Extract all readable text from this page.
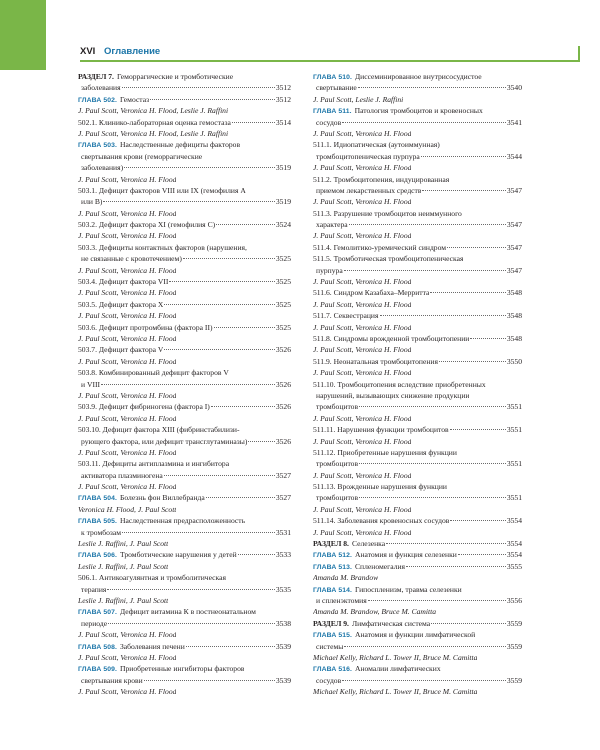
XVI Оглавление
РАЗДЕЛ 7. Геморрагические и тромботические
заболевания	3512
ГЛАВА 502. Гемостаз	3512
J. Paul Scott, Veronica H. Flood, Leslie J. Raffini
502.1. Клинико-лабораторная оценка гемостаза	3514
J. Paul Scott, Veronica H. Flood, Leslie J. Raffini
ГЛАВА 503. Наследственные дефициты факторов
свертывания крови (геморрагические
заболевания)	3519
J. Paul Scott, Veronica H. Flood
503.1. Дефицит факторов VIII или IX (гемофилия А
или В)	3519
J. Paul Scott, Veronica H. Flood
503.2. Дефицит фактора XI (гемофилия С)	3524
J. Paul Scott, Veronica H. Flood
503.3. Дефициты контактных факторов (нарушения,
не связанные с кровотечением)	3525
J. Paul Scott, Veronica H. Flood
503.4. Дефицит фактора VII	3525
J. Paul Scott, Veronica H. Flood
503.5. Дефицит фактора X	3525
J. Paul Scott, Veronica H. Flood
503.6. Дефицит протромбина (фактора II)	3525
J. Paul Scott, Veronica H. Flood
503.7. Дефицит фактора V	3526
J. Paul Scott, Veronica H. Flood
503.8. Комбинированный дефицит факторов V
и VIII	3526
J. Paul Scott, Veronica H. Flood
503.9. Дефицит фибриногена (фактора I)	3526
J. Paul Scott, Veronica H. Flood
503.10. Дефицит фактора XIII (фибринстабилизи-
рующего фактора, или дефицит трансглутаминазы)	3526
J. Paul Scott, Veronica H. Flood
503.11. Дефициты антиплазмина и ингибитора
активатора плазминогена	3527
J. Paul Scott, Veronica H. Flood
ГЛАВА 504. Болезнь фон Виллебранда	3527
Veronica H. Flood, J. Paul Scott
ГЛАВА 505. Наследственная предрасположенность
к тромбозам	3531
Leslie J. Raffini, J. Paul Scott
ГЛАВА 506. Тромботические нарушения у детей	3533
Leslie J. Raffini, J. Paul Scott
506.1. Антикоагулянтная и тромболитическая
терапия	3535
Leslie J. Raffini, J. Paul Scott
ГЛАВА 507. Дефицит витамина К в постнеонатальном
периоде	3538
J. Paul Scott, Veronica H. Flood
ГЛАВА 508. Заболевания печени	3539
J. Paul Scott, Veronica H. Flood
ГЛАВА 509. Приобретенные ингибиторы факторов
свертывания крови	3539
J. Paul Scott, Veronica H. Flood
ГЛАВА 510. Диссеминированное внутрисосудистое
свертывание	3540
J. Paul Scott, Leslie J. Raffini
ГЛАВА 511. Патология тромбоцитов и кровеносных
сосудов	3541
J. Paul Scott, Veronica H. Flood
511.1. Идиопатическая (аутоиммунная)
тромбоцитопеническая пурпура	3544
J. Paul Scott, Veronica H. Flood
511.2. Тромбоцитопения, индуцированная
приемом лекарственных средств	3547
J. Paul Scott, Veronica H. Flood
511.3. Разрушение тромбоцитов неиммунного
характера	3547
J. Paul Scott, Veronica H. Flood
511.4. Гемолитико-уремический синдром	3547
511.5. Тромботическая тромбоцитопеническая
пурпура	3547
J. Paul Scott, Veronica H. Flood
511.6. Синдром Казабаха–Мерритта	3548
J. Paul Scott, Veronica H. Flood
511.7. Секвестрация	3548
J. Paul Scott, Veronica H. Flood
511.8. Синдромы врожденной тромбоцитопении	3548
J. Paul Scott, Veronica H. Flood
511.9. Неонатальная тромбоцитопения	3550
J. Paul Scott, Veronica H. Flood
511.10. Тромбоцитопения вследствие приобретенных
нарушений, вызывающих снижение продукции
тромбоцитов	3551
J. Paul Scott, Veronica H. Flood
511.11. Нарушения функции тромбоцитов	3551
J. Paul Scott, Veronica H. Flood
511.12. Приобретенные нарушения функции
тромбоцитов	3551
J. Paul Scott, Veronica H. Flood
511.13. Врожденные нарушения функции
тромбоцитов	3551
J. Paul Scott, Veronica H. Flood
511.14. Заболевания кровеносных сосудов	3554
J. Paul Scott, Veronica H. Flood
РАЗДЕЛ 8. Селезенка	3554
ГЛАВА 512. Анатомия и функция селезенки	3554
ГЛАВА 513. Спленомегалия	3555
Amanda M. Brandow
ГЛАВА 514. Гипоспленизм, травма селезенки
и спленэктомия	3556
Amanda M. Brandow, Bruce M. Camitta
РАЗДЕЛ 9. Лимфатическая система	3559
ГЛАВА 515. Анатомия и функции лимфатической
системы	3559
Michael Kelly, Richard L. Tower II, Bruce M. Camitta
ГЛАВА 516. Аномалии лимфатических
сосудов	3559
Michael Kelly, Richard L. Tower II, Bruce M. Camitta
